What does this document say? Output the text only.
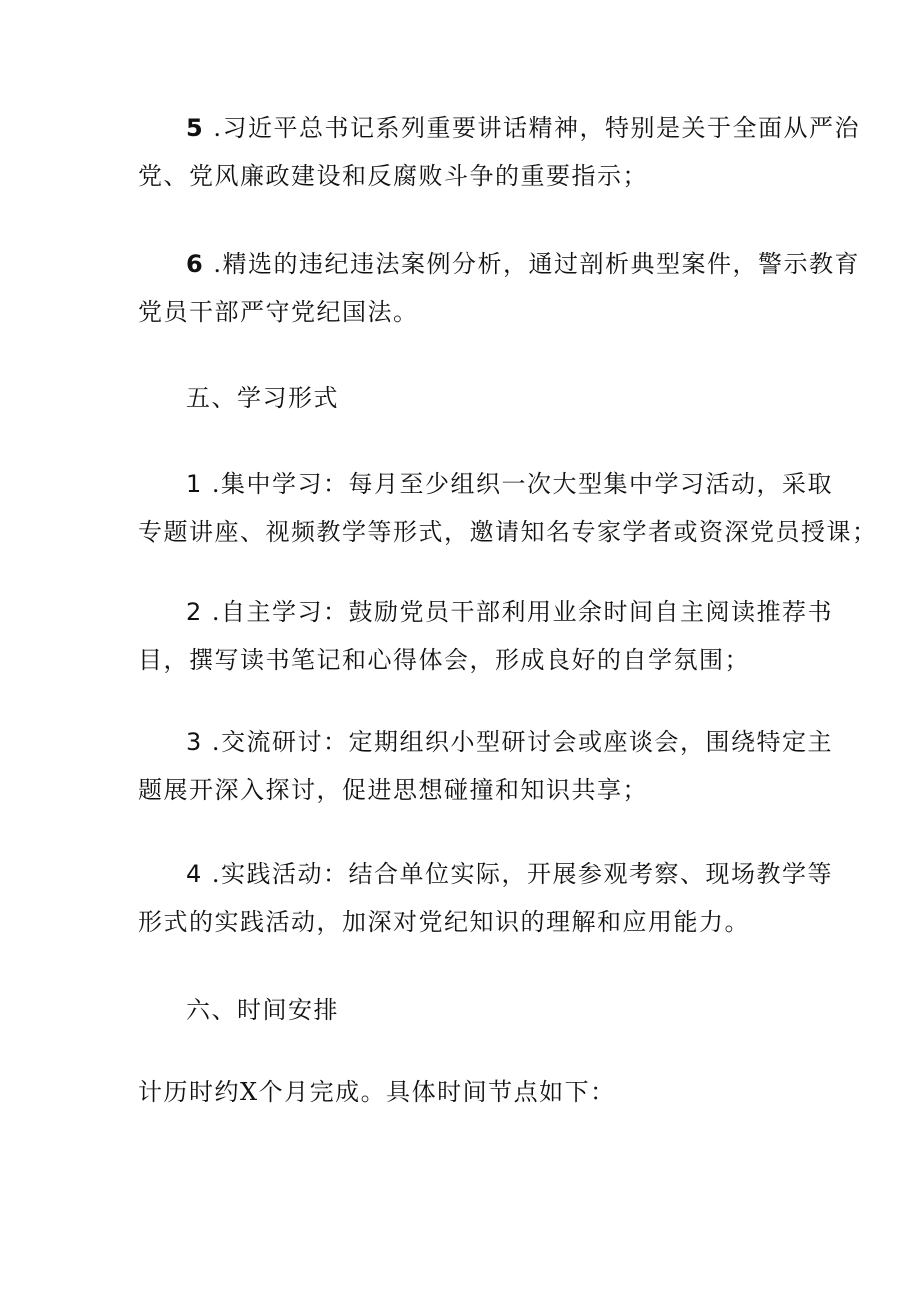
5 .习近平总书记系列重要讲话精神，特别是关于全面从严治
党、党风廉政建设和反腐败斗争的重要指示；
6 .精选的违纪违法案例分析，通过剖析典型案件，警示教育
党员干部严守党纪国法。
五、学习形式
1 .集中学习：每月至少组织一次大型集中学习活动，采取
专题讲座、视频教学等形式，邀请知名专家学者或资深党员授课；
2 .自主学习：鼓励党员干部利用业余时间自主阅读推荐书
目，撰写读书笔记和心得体会，形成良好的自学氛围；
3 .交流研讨：定期组织小型研讨会或座谈会，围绕特定主
题展开深入探讨，促进思想碰撞和知识共享；
4 .实践活动：结合单位实际，开展参观考察、现场教学等
形式的实践活动，加深对党纪知识的理解和应用能力。
六、时间安排
计历时约X个月完成。具体时间节点如下：
